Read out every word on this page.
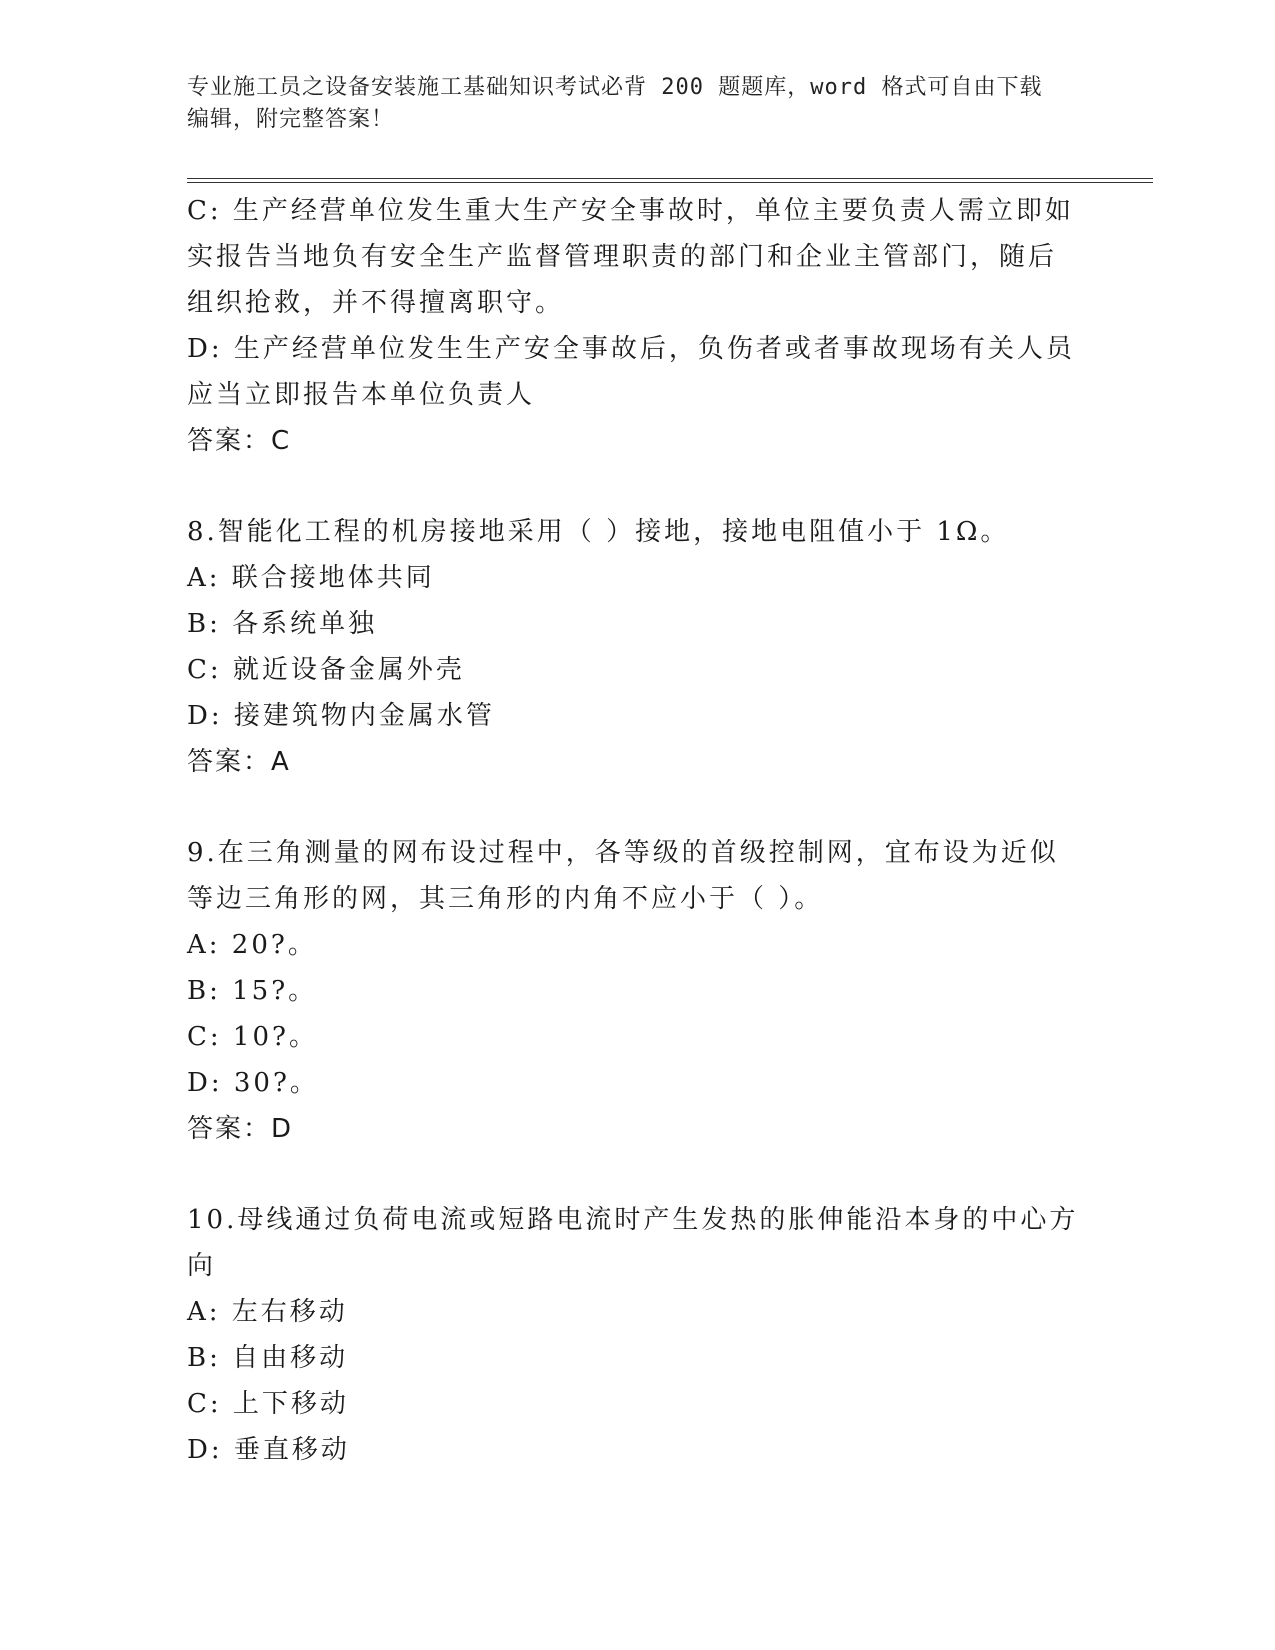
专业施工员之设备安装施工基础知识考试必背 200 题题库，word 格式可自由下载
编辑，附完整答案！
C: 生产经营单位发生重大生产安全事故时，单位主要负责人需立即如
实报告当地负有安全生产监督管理职责的部门和企业主管部门，随后
组织抢救，并不得擅离职守。
D: 生产经营单位发生生产安全事故后，负伤者或者事故现场有关人员
应当立即报告本单位负责人
答案：C
8.智能化工程的机房接地采用（ ）接地，接地电阻值小于 1Ω。
A: 联合接地体共同
B: 各系统单独
C: 就近设备金属外壳
D: 接建筑物内金属水管
答案：A
9.在三角测量的网布设过程中，各等级的首级控制网，宜布设为近似
等边三角形的网，其三角形的内角不应小于（ ）。
A: 20?。
B: 15?。
C: 10?。
D: 30?。
答案：D
10.母线通过负荷电流或短路电流时产生发热的胀伸能沿本身的中心方
向
A: 左右移动
B: 自由移动
C: 上下移动
D: 垂直移动
